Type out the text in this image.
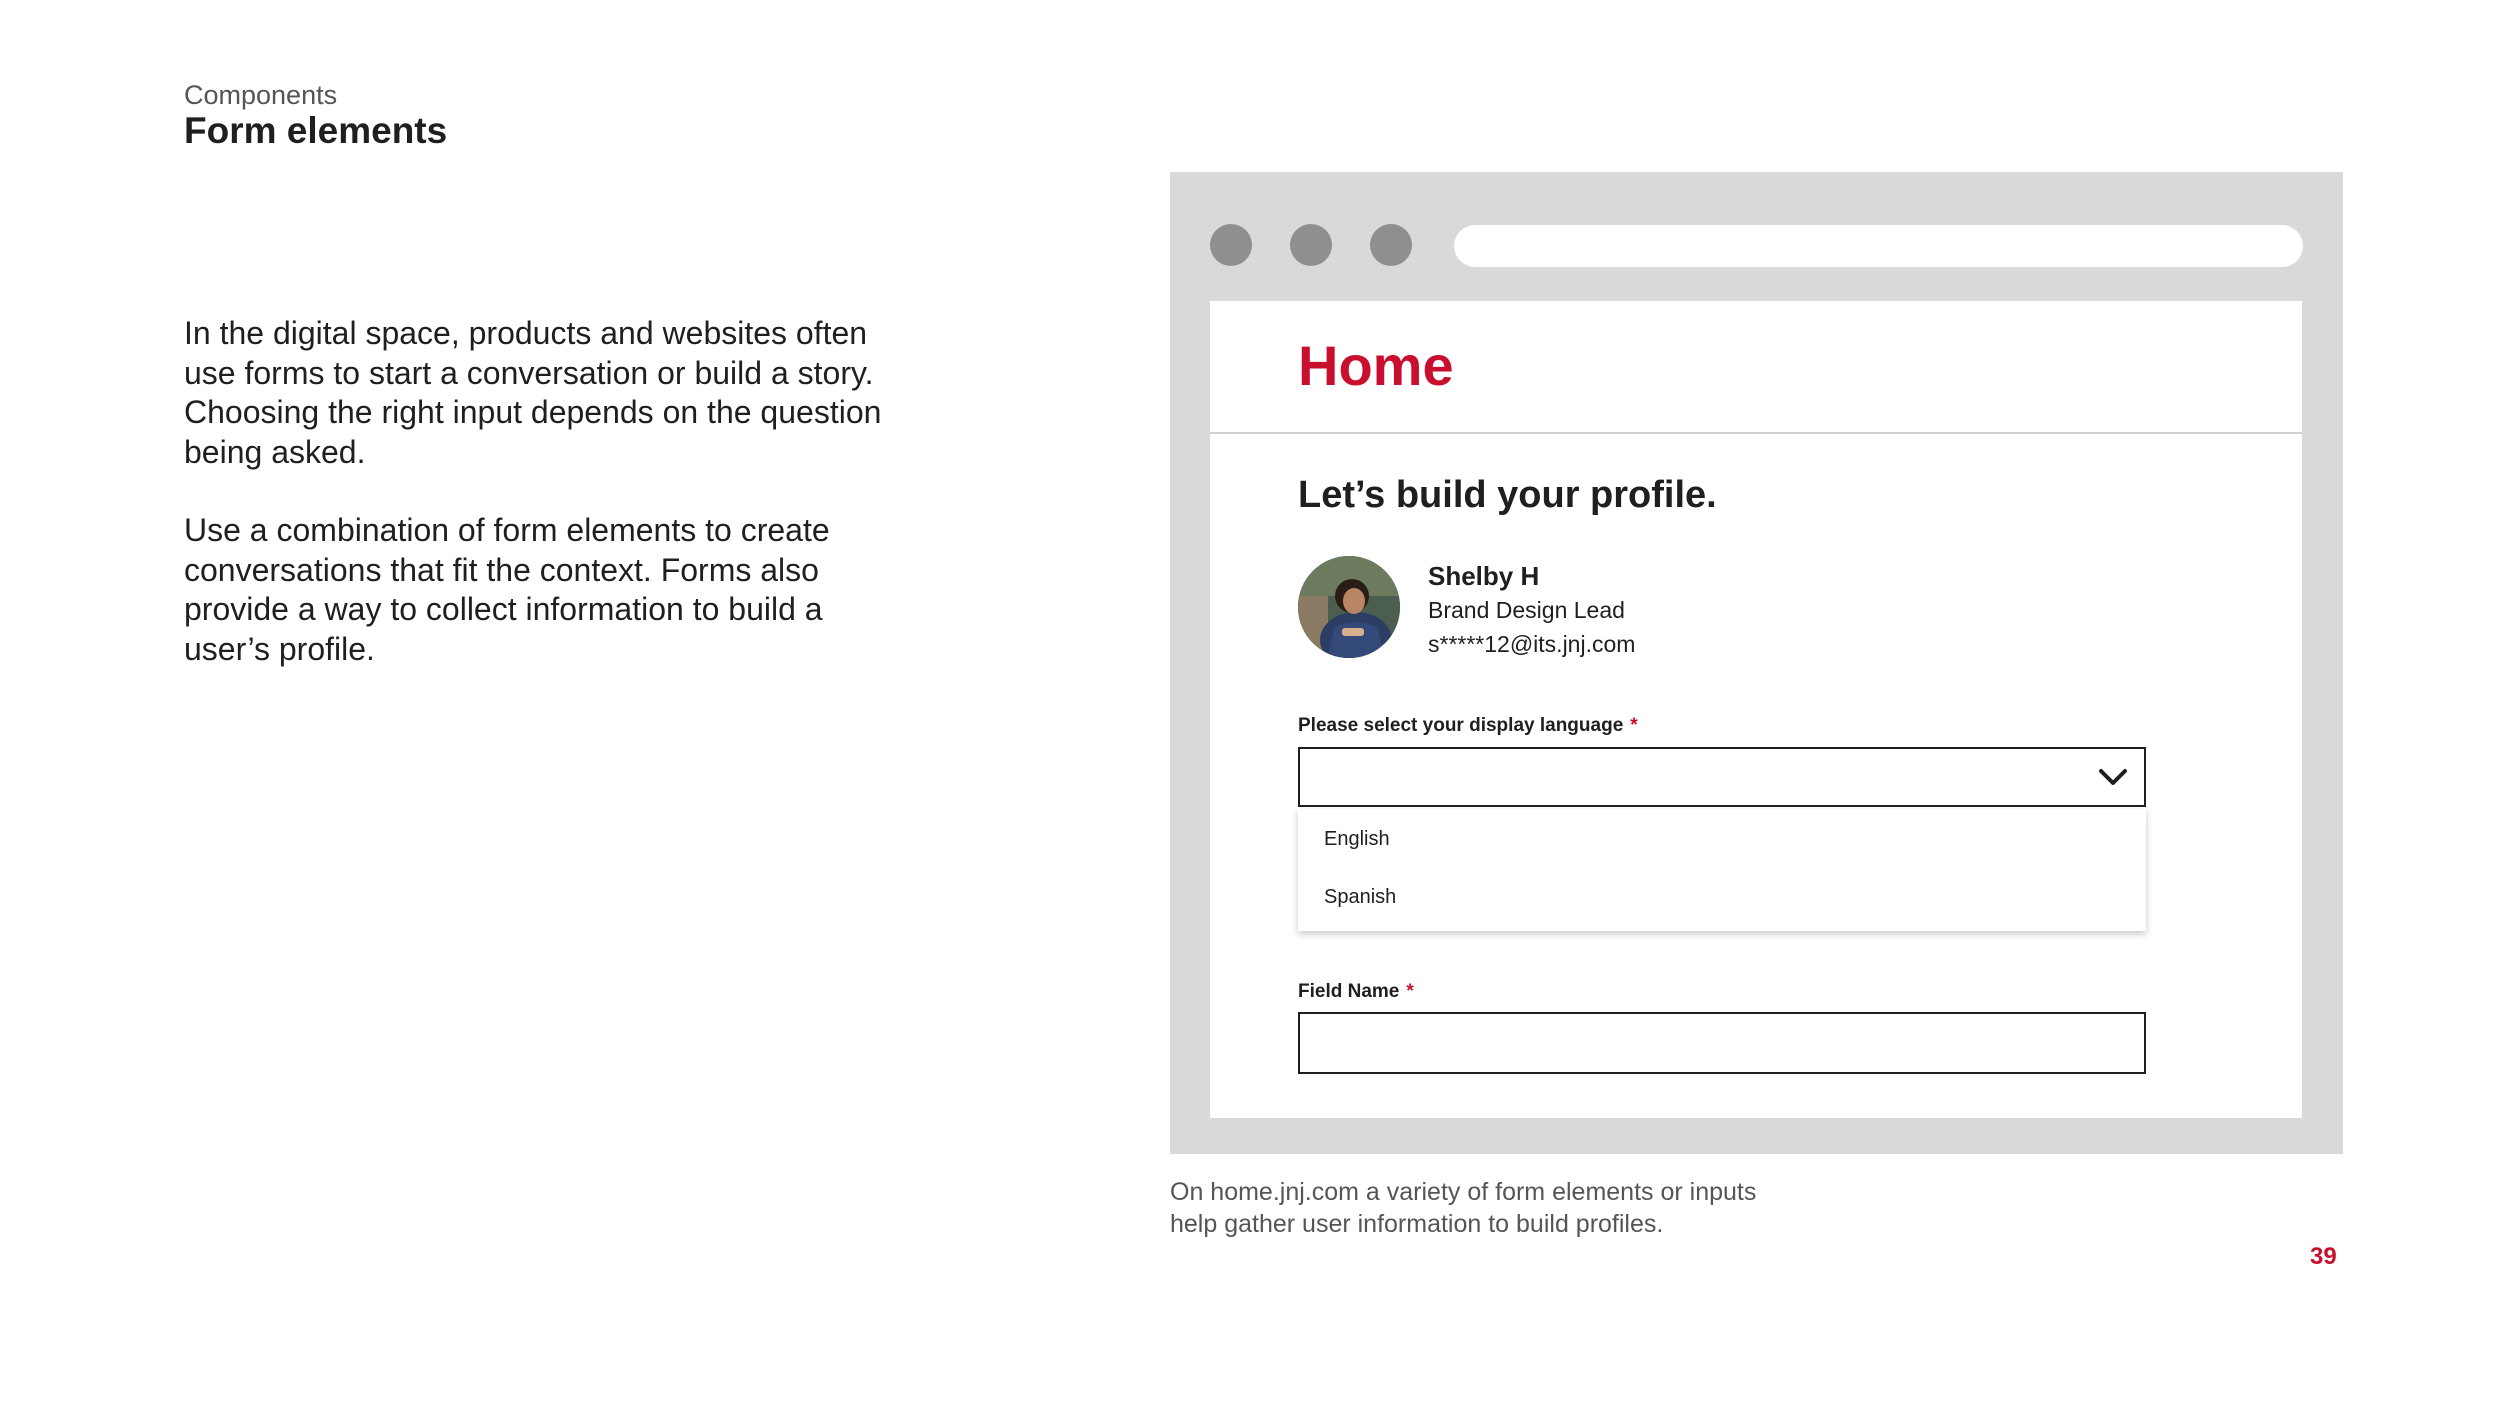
Components
Form elements

In the digital space, products and websites often use forms to start a conversation or build a story. Choosing the right input depends on the question being asked.

Use a combination of form elements to create conversations that fit the context. Forms also provide a way to collect information to build a user’s profile.

Home
Let’s build your profile.
Shelby H
Brand Design Lead
s*****12@its.jnj.com
Please select your display language *
English
Spanish
Field Name *
On home.jnj.com a variety of form elements or inputs help gather user information to build profiles.
39
